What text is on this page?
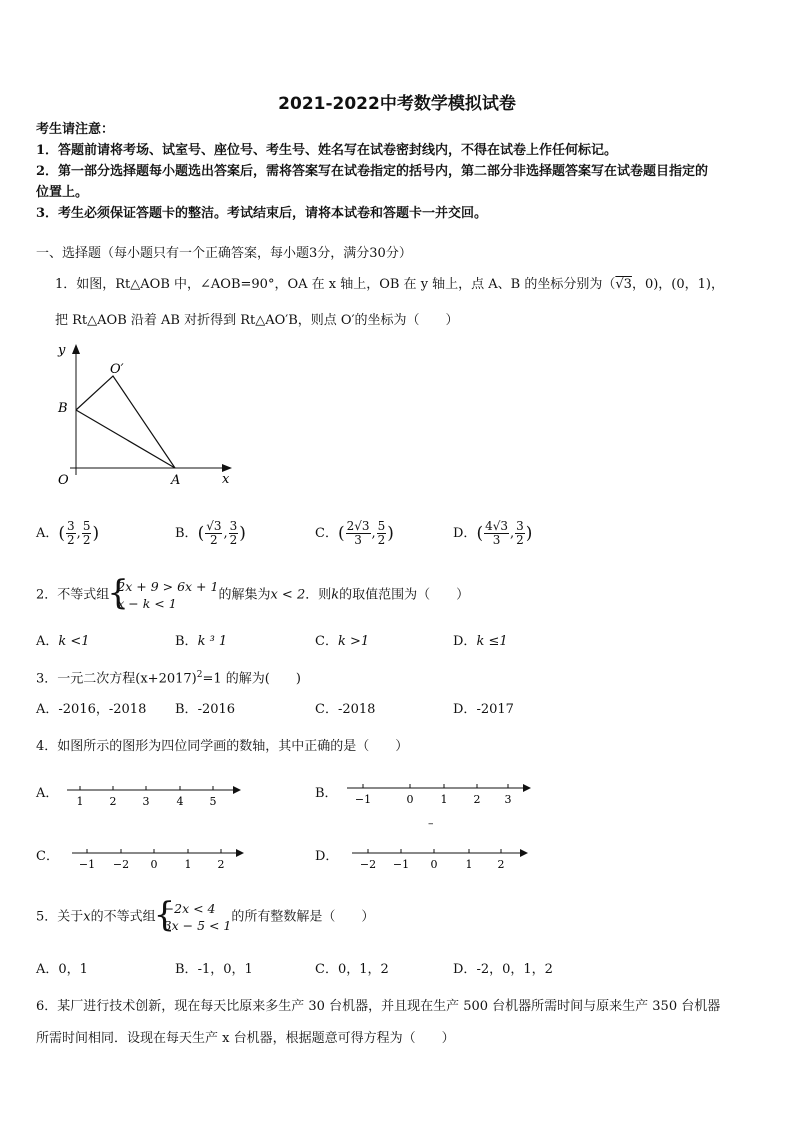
2021-2022中考数学模拟试卷
考生请注意：
1．答题前请将考场、试室号、座位号、考生号、姓名写在试卷密封线内，不得在试卷上作任何标记。
2．第一部分选择题每小题选出答案后，需将答案写在试卷指定的括号内，第二部分非选择题答案写在试卷题目指定的
位置上。
3．考生必须保证答题卡的整洁。考试结束后，请将本试卷和答题卡一并交回。
一、选择题（每小题只有一个正确答案，每小题3分，满分30分）
1．如图，Rt△AOB 中，∠AOB=90°，OA 在 x 轴上，OB 在 y 轴上，点 A、B 的坐标分别为（√3，0)，(0，1)，
把 Rt△AOB 沿着 AB 对折得到 Rt△AO′B，则点 O′的坐标为（　　）
y
x
O	A
B
O′
A．( $\frac{3}{2}$ , $\frac{5}{2}$ )	B．( $\frac{√3}{2}$ , $\frac{3}{2}$ )	C．( $\frac{2√3}{3}$ , $\frac{5}{2}$ )	D．( $\frac{4√3}{3}$ , $\frac{3}{2}$ )
2．不等式组
{ 2x + 9 > 6x + 1
x − k < 1
的解集为x < 2．则k的取值范围为（　　）
A．k <1	B．k ³ 1	C．k >1	D．k ≤1
3．一元二次方程$(x+2017)^2=1$ 的解为(　　)
A．-2016，-2018 B．-2016	C．-2018	D．-2017
4．如图所示的图形为四位同学画的数轴，其中正确的是（　　）
A．
1 2 3 4 5
B． −1	0 1 2 3
–
C．
−1 −2 0 1 2
D．
−2 −1 0	1 2
5．关于x的不等式组
{ −2x < 4
3x − 5 < 1
的所有整数解是（　　）
A．0，1	B．-1，0，1	C．0，1，2	D．-2，0，1，2
6．某厂进行技术创新，现在每天比原来多生产 30 台机器，并且现在生产 500 台机器所需时间与原来生产 350 台机器
所需时间相同．设现在每天生产 x 台机器，根据题意可得方程为（　　）
